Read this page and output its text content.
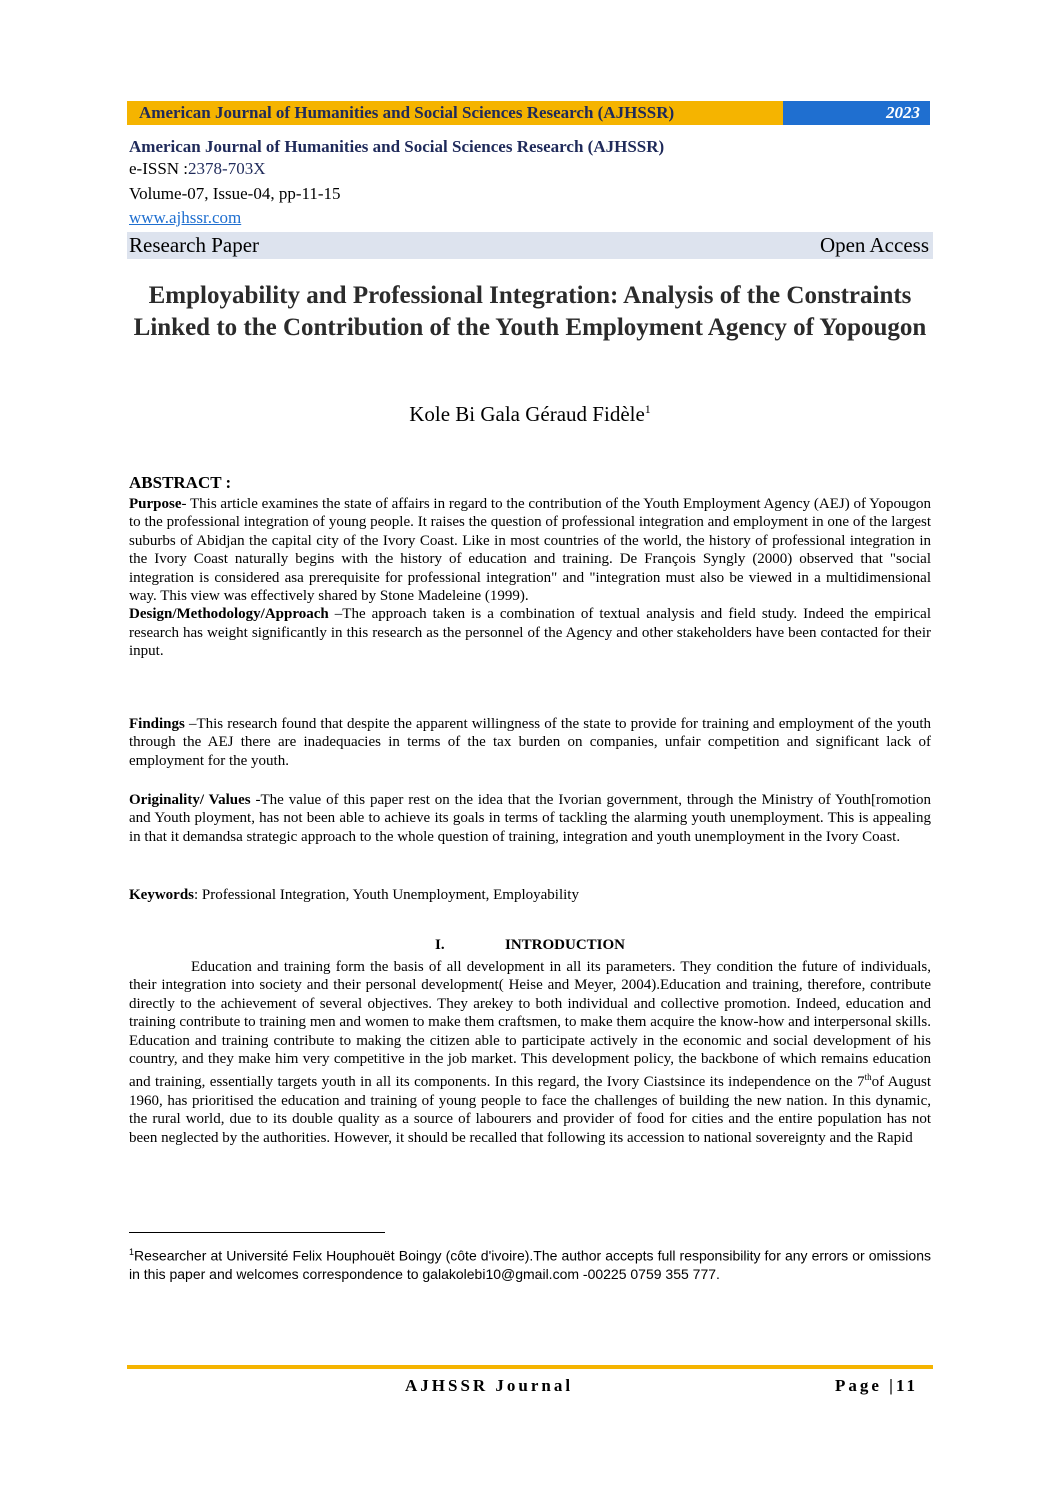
American Journal of Humanities and Social Sciences Research (AJHSSR)	2023
American Journal of Humanities and Social Sciences Research (AJHSSR)
e-ISSN :2378-703X
Volume-07, Issue-04, pp-11-15
www.ajhssr.com
Research Paper	Open Access
Employability and Professional Integration: Analysis of the Constraints Linked to the Contribution of the Youth Employment Agency of Yopougon
Kole Bi Gala Géraud Fidèle$^1$
ABSTRACT :
Purpose- This article examines the state of affairs in regard to the contribution of the Youth Employment Agency (AEJ) of Yopougon to the professional integration of young people. It raises the question of professional integration and employment in one of the largest suburbs of Abidjan the capital city of the Ivory Coast. Like in most countries of the world, the history of professional integration in the Ivory Coast naturally begins with the history of education and training. De François Syngly (2000) observed that "social integration is considered asa prerequisite for professional integration" and "integration must also be viewed in a multidimensional way. This view was effectively shared by Stone Madeleine (1999).
Design/Methodology/Approach –The approach taken is a combination of textual analysis and field study. Indeed the empirical research has weight significantly in this research as the personnel of the Agency and other stakeholders have been contacted for their input.
Findings –This research found that despite the apparent willingness of the state to provide for training and employment of the youth through the AEJ there are inadequacies in terms of the tax burden on companies, unfair competition and significant lack of employment for the youth.
Originality/ Values -The value of this paper rest on the idea that the Ivorian government, through the Ministry of Youth[romotion and Youth ployment, has not been able to achieve its goals in terms of tackling the alarming youth unemployment. This is appealing in that it demandsa strategic approach to the whole question of training, integration and youth unemployment in the Ivory Coast.
Keywords: Professional Integration, Youth Unemployment, Employability
I.	INTRODUCTION
Education and training form the basis of all development in all its parameters. They condition the future of individuals, their integration into society and their personal development( Heise and Meyer, 2004).Education and training, therefore, contribute directly to the achievement of several objectives. They arekey to both individual and collective promotion. Indeed, education and training contribute to training men and women to make them craftsmen, to make them acquire the know-how and interpersonal skills. Education and training contribute to making the citizen able to participate actively in the economic and social development of his country, and they make him very competitive in the job market. This development policy, the backbone of which remains education and training, essentially targets youth in all its components. In this regard, the Ivory Ciastsince its independence on the 7thof August 1960, has prioritised the education and training of young people to face the challenges of building the new nation. In this dynamic, the rural world, due to its double quality as a source of labourers and provider of food for cities and the entire population has not been neglected by the authorities. However, it should be recalled that following its accession to national sovereignty and the Rapid
$^1$Researcher at Université Felix Houphouët Boingy (côte d'ivoire).The author accepts full responsibility for any errors or omissions in this paper and welcomes correspondence to galakolebi10@gmail.com -00225 0759 355 777.
AJHSSR Journal	Page |11
